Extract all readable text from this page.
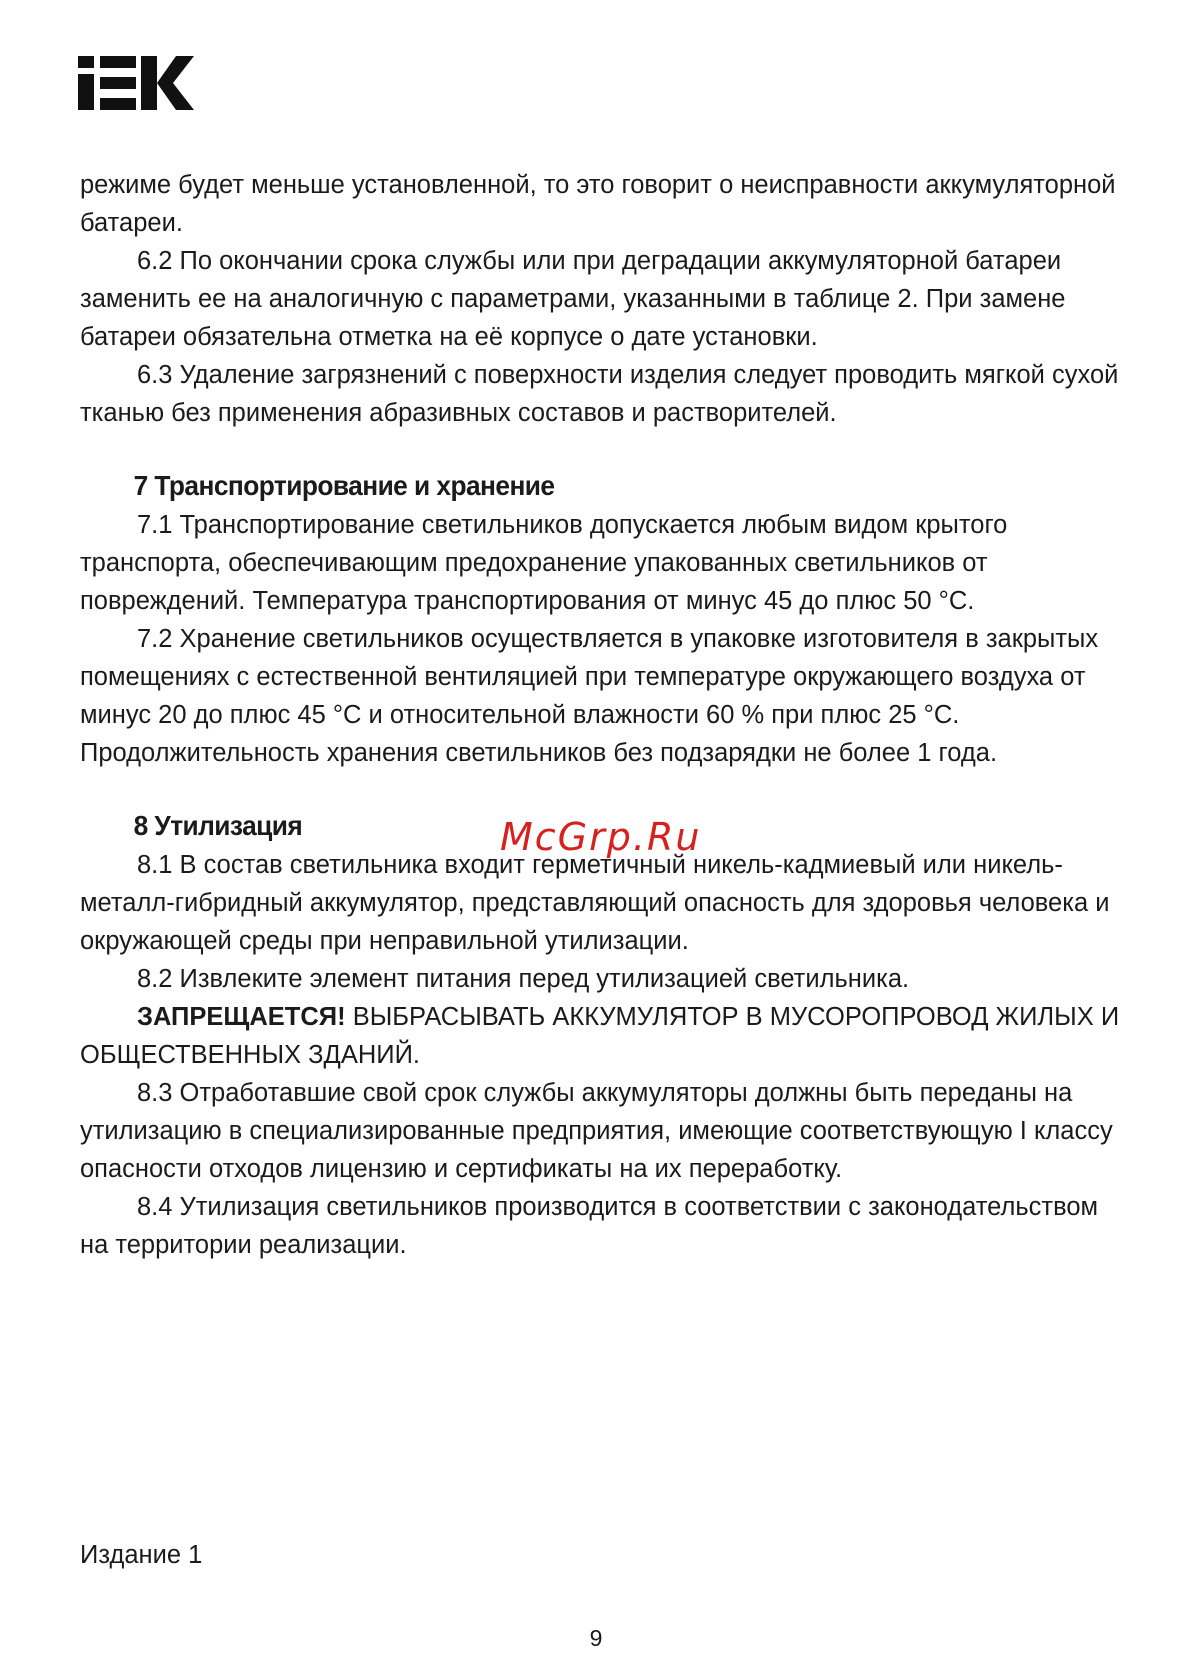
режиме будет меньше установленной, то это говорит о неисправности аккумуляторной батареи.

6.2 По окончании срока службы или при деградации аккумуляторной батареи заменить ее на аналогичную с параметрами, указанными в таблице 2. При замене батареи обязательна отметка на её корпусе о дате установки.

6.3 Удаление загрязнений с поверхности изделия следует проводить мягкой сухой тканью без применения абразивных составов и растворителей.

7 Транспортирование и хранение

7.1 Транспортирование светильников допускается любым видом крытого транспорта, обеспечивающим предохранение упакованных светильников от повреждений. Температура транспортирования от минус 45 до плюс 50 °С.

7.2 Хранение светильников осуществляется в упаковке изготовителя в закрытых помещениях с естественной вентиляцией при температуре окружающего воздуха от минус 20 до плюс 45 °С и относительной влажности 60 % при плюс 25 °С. Продолжительность хранения светильников без подзарядки не более 1 года.

8 Утилизация

8.1 В состав светильника входит герметичный никель-кадмиевый или никель-металл-гибридный аккумулятор, представляющий опасность для здоровья человека и окружающей среды при неправильной утилизации.

8.2 Извлеките элемент питания перед утилизацией светильника.

ЗАПРЕЩАЕТСЯ! ВЫБРАСЫВАТЬ АККУМУЛЯТОР В МУСОРОПРОВОД ЖИЛЫХ И ОБЩЕСТВЕННЫХ ЗДАНИЙ.

8.3 Отработавшие свой срок службы аккумуляторы должны быть переданы на утилизацию в специализированные предприятия, имеющие соответствующую I классу опасности отходов лицензию и сертификаты на их переработку.

8.4 Утилизация светильников производится в соответствии с законодательством на территории реализации.

McGrp.Ru
Издание 1
9
